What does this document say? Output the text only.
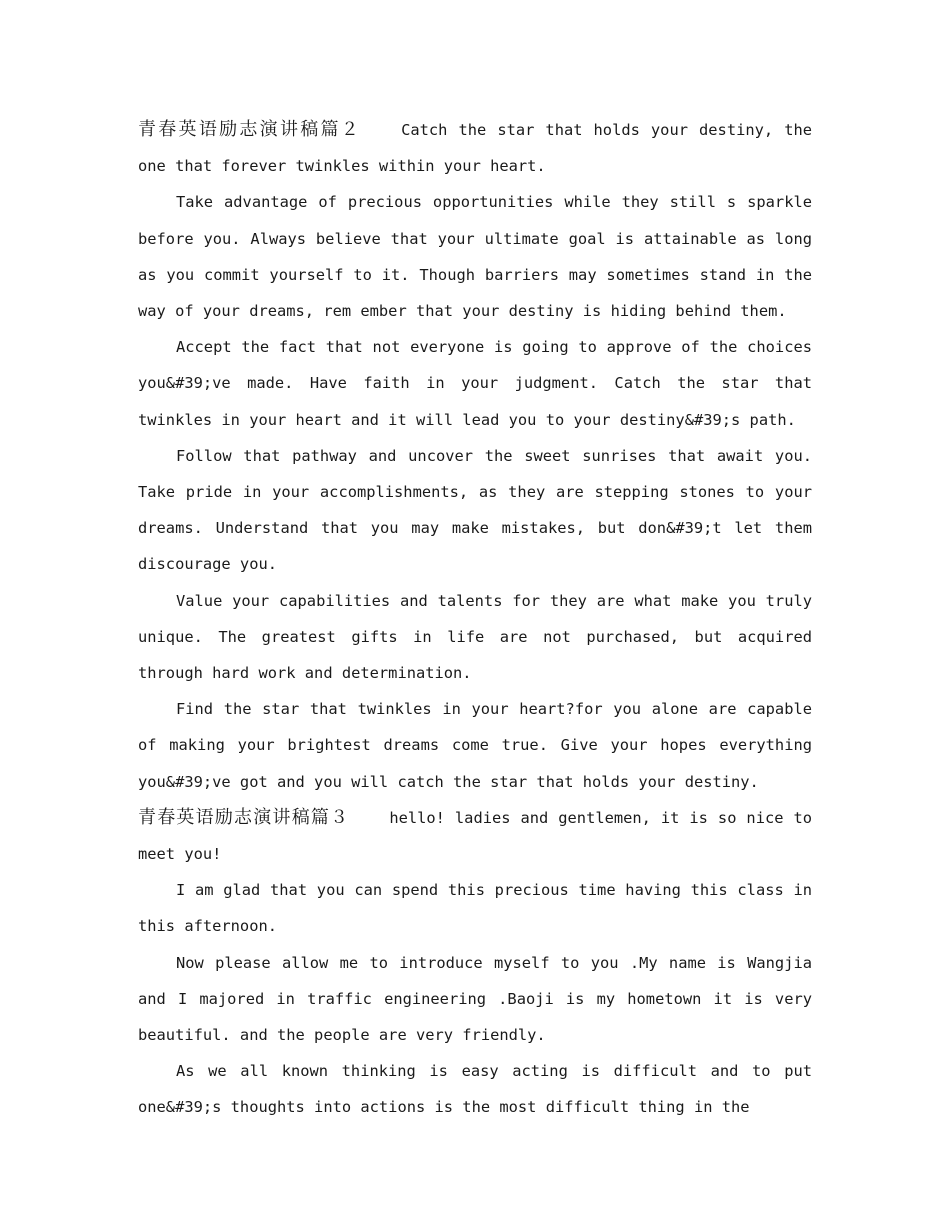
青春英语励志演讲稿篇２	Catch the star that holds your destiny, the one that forever twinkles within your heart.

Take advantage of precious opportunities while they still s sparkle before you. Always believe that your ultimate goal is attainable as long as you commit yourself to it. Though barriers may sometimes stand in the way of your dreams, rem ember that your destiny is hiding behind them.

Accept the fact that not everyone is going to approve of the choices you&#39;ve made. Have faith in your judgment. Catch the star that twinkles in your heart and it will lead you to your destiny&#39;s path.

Follow that pathway and uncover the sweet sunrises that await you. Take pride in your accomplishments, as they are stepping stones to your dreams. Understand that you may make mistakes, but don&#39;t let them discourage you.

Value your capabilities and talents for they are what make you truly unique. The greatest gifts in life are not purchased, but acquired through hard work and determination.

Find the star that twinkles in your heart?for you alone are capable of making your brightest dreams come true. Give your hopes everything you&#39;ve got and you will catch the star that holds your destiny.

青春英语励志演讲稿篇３	hello! ladies and gentlemen, it is so nice to meet you!

I am glad that you can spend this precious time having this class in this afternoon.

Now please allow me to introduce myself to you .My name is Wangjia and I majored in traffic engineering .Baoji is my hometown it is very beautiful. and the people are very friendly.

As we all known thinking is easy acting is difficult and to put one&#39;s thoughts into actions is the most difficult thing in the
